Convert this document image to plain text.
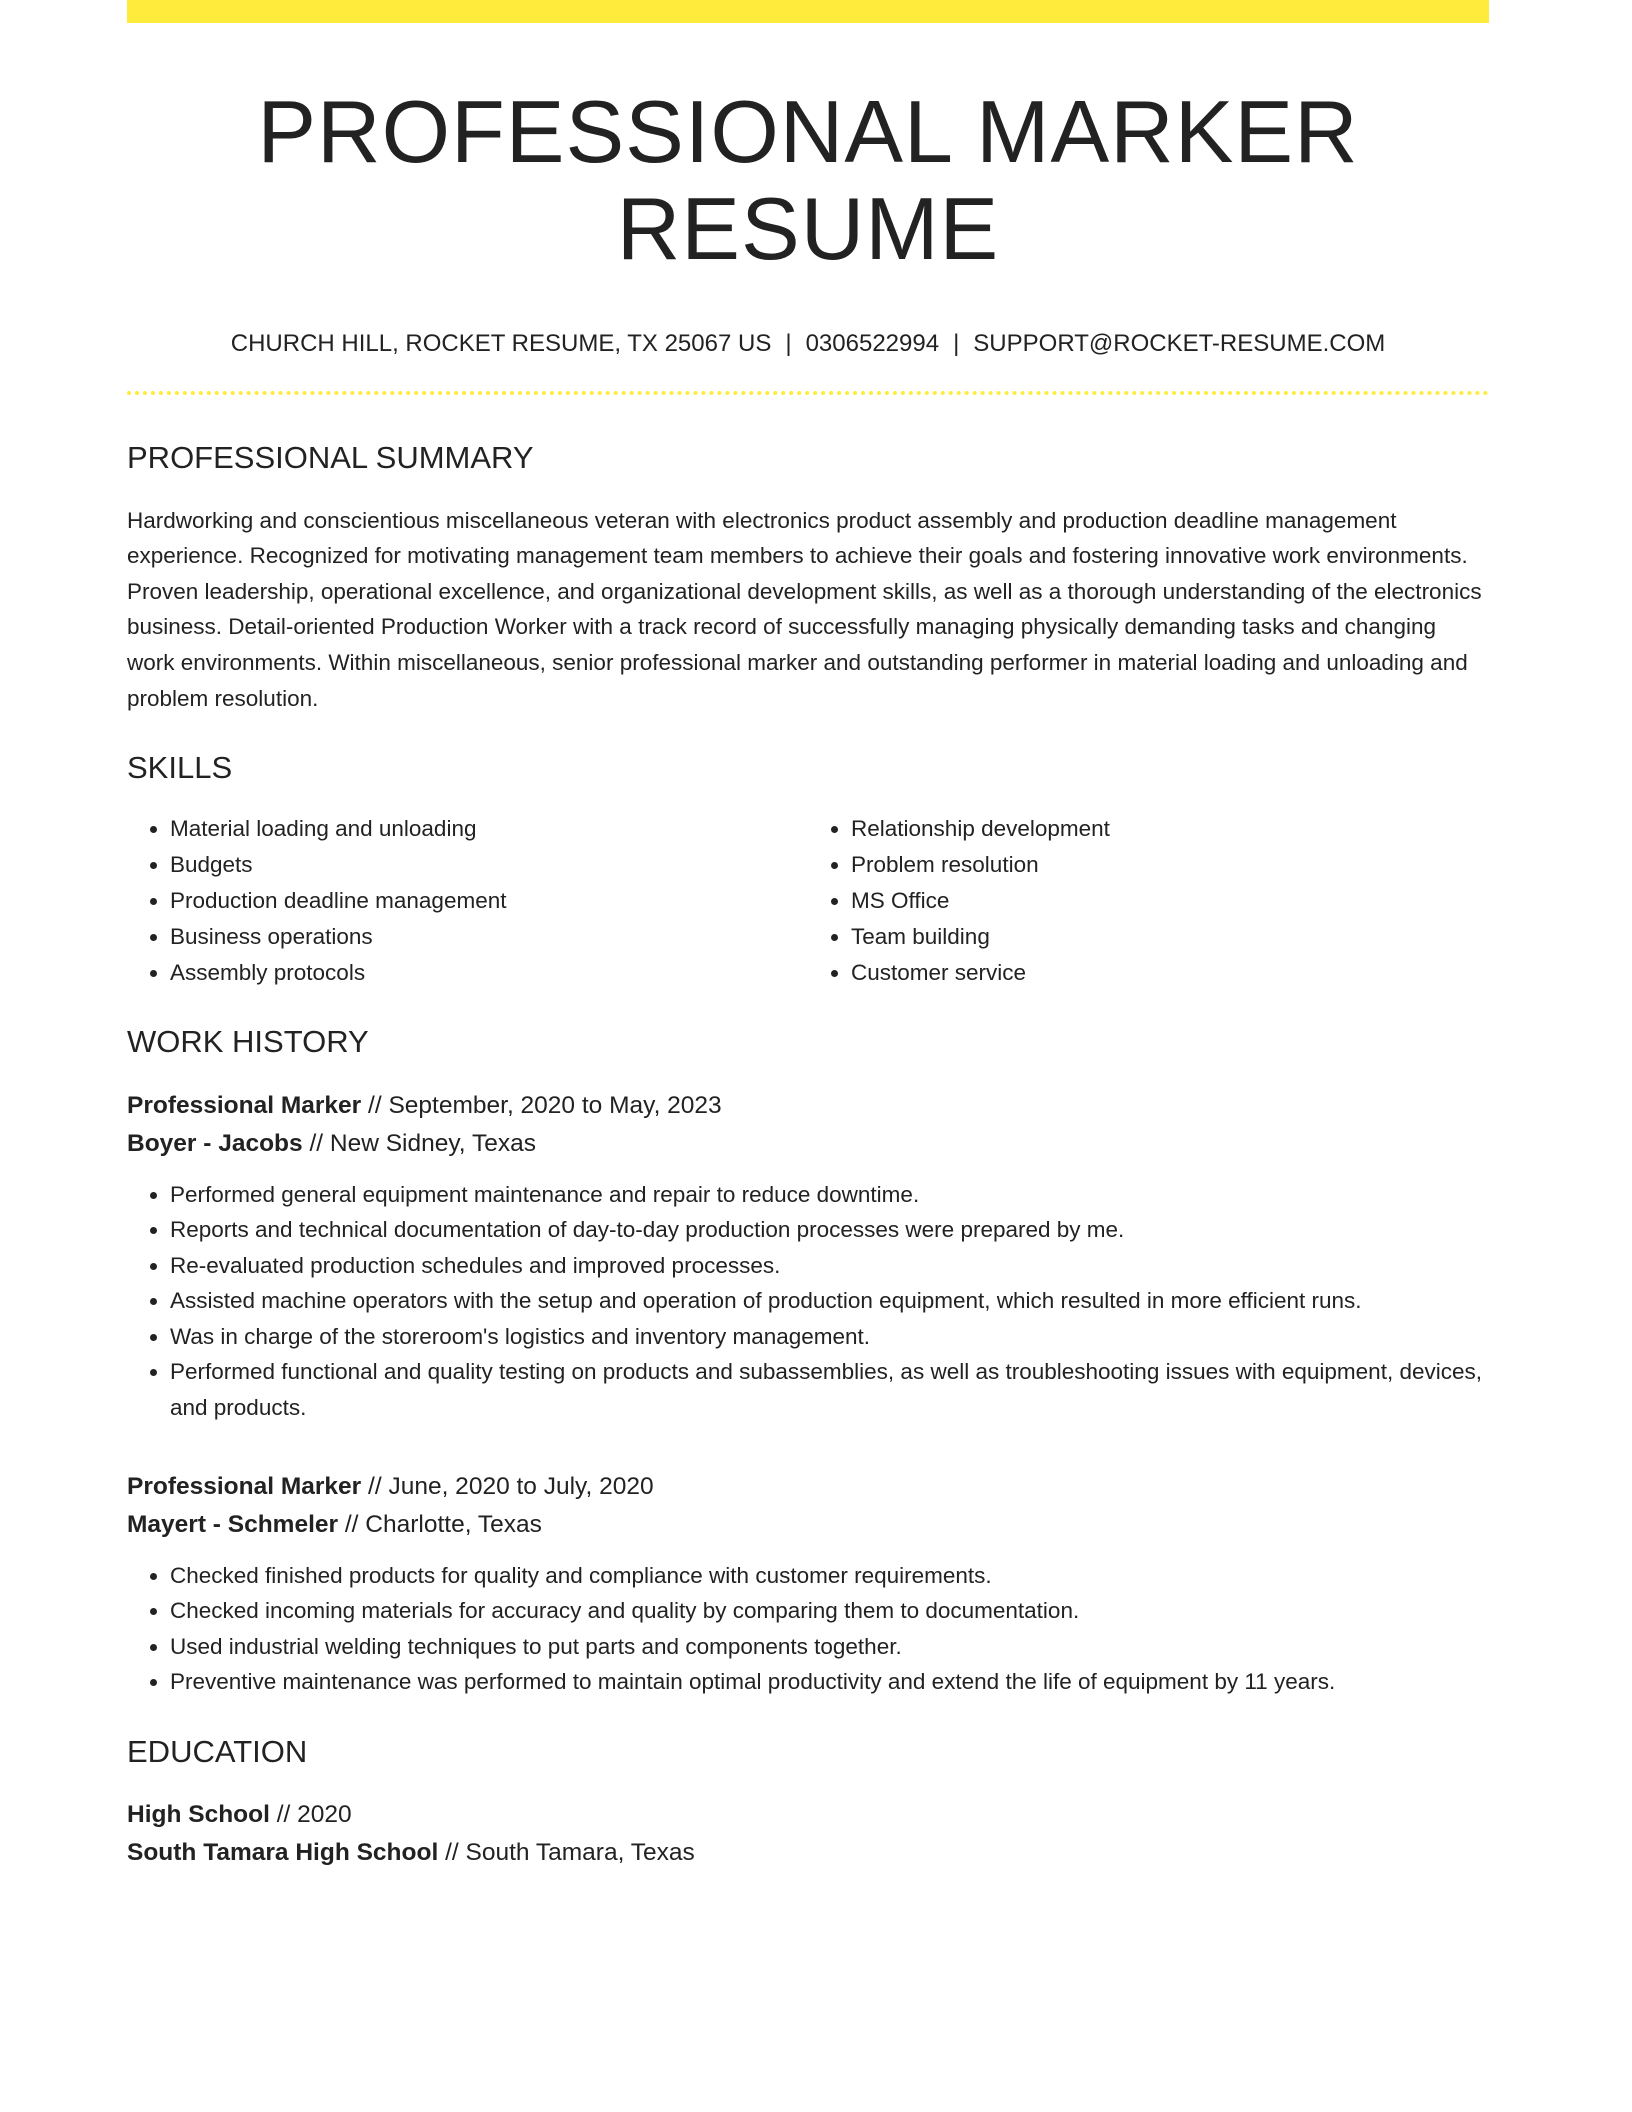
PROFESSIONAL MARKER RESUME
CHURCH HILL, ROCKET RESUME, TX 25067 US | 0306522994 | SUPPORT@ROCKET-RESUME.COM
PROFESSIONAL SUMMARY

Hardworking and conscientious miscellaneous veteran with electronics product assembly and production deadline management experience. Recognized for motivating management team members to achieve their goals and fostering innovative work environments. Proven leadership, operational excellence, and organizational development skills, as well as a thorough understanding of the electronics business. Detail-oriented Production Worker with a track record of successfully managing physically demanding tasks and changing work environments. Within miscellaneous, senior professional marker and outstanding performer in material loading and unloading and problem resolution.

SKILLS
• Material loading and unloading
• Budgets
• Production deadline management
• Business operations
• Assembly protocols
• Relationship development
• Problem resolution
• MS Office
• Team building
• Customer service
WORK HISTORY
Professional Marker // September, 2020 to May, 2023
Boyer - Jacobs // New Sidney, Texas
• Performed general equipment maintenance and repair to reduce downtime.
• Reports and technical documentation of day-to-day production processes were prepared by me.
• Re-evaluated production schedules and improved processes.
• Assisted machine operators with the setup and operation of production equipment, which resulted in more efficient runs.
• Was in charge of the storeroom's logistics and inventory management.
• Performed functional and quality testing on products and subassemblies, as well as troubleshooting issues with equipment, devices, and products.
Professional Marker // June, 2020 to July, 2020
Mayert - Schmeler // Charlotte, Texas
• Checked finished products for quality and compliance with customer requirements.
• Checked incoming materials for accuracy and quality by comparing them to documentation.
• Used industrial welding techniques to put parts and components together.
• Preventive maintenance was performed to maintain optimal productivity and extend the life of equipment by 11 years.
EDUCATION
High School // 2020
South Tamara High School // South Tamara, Texas
